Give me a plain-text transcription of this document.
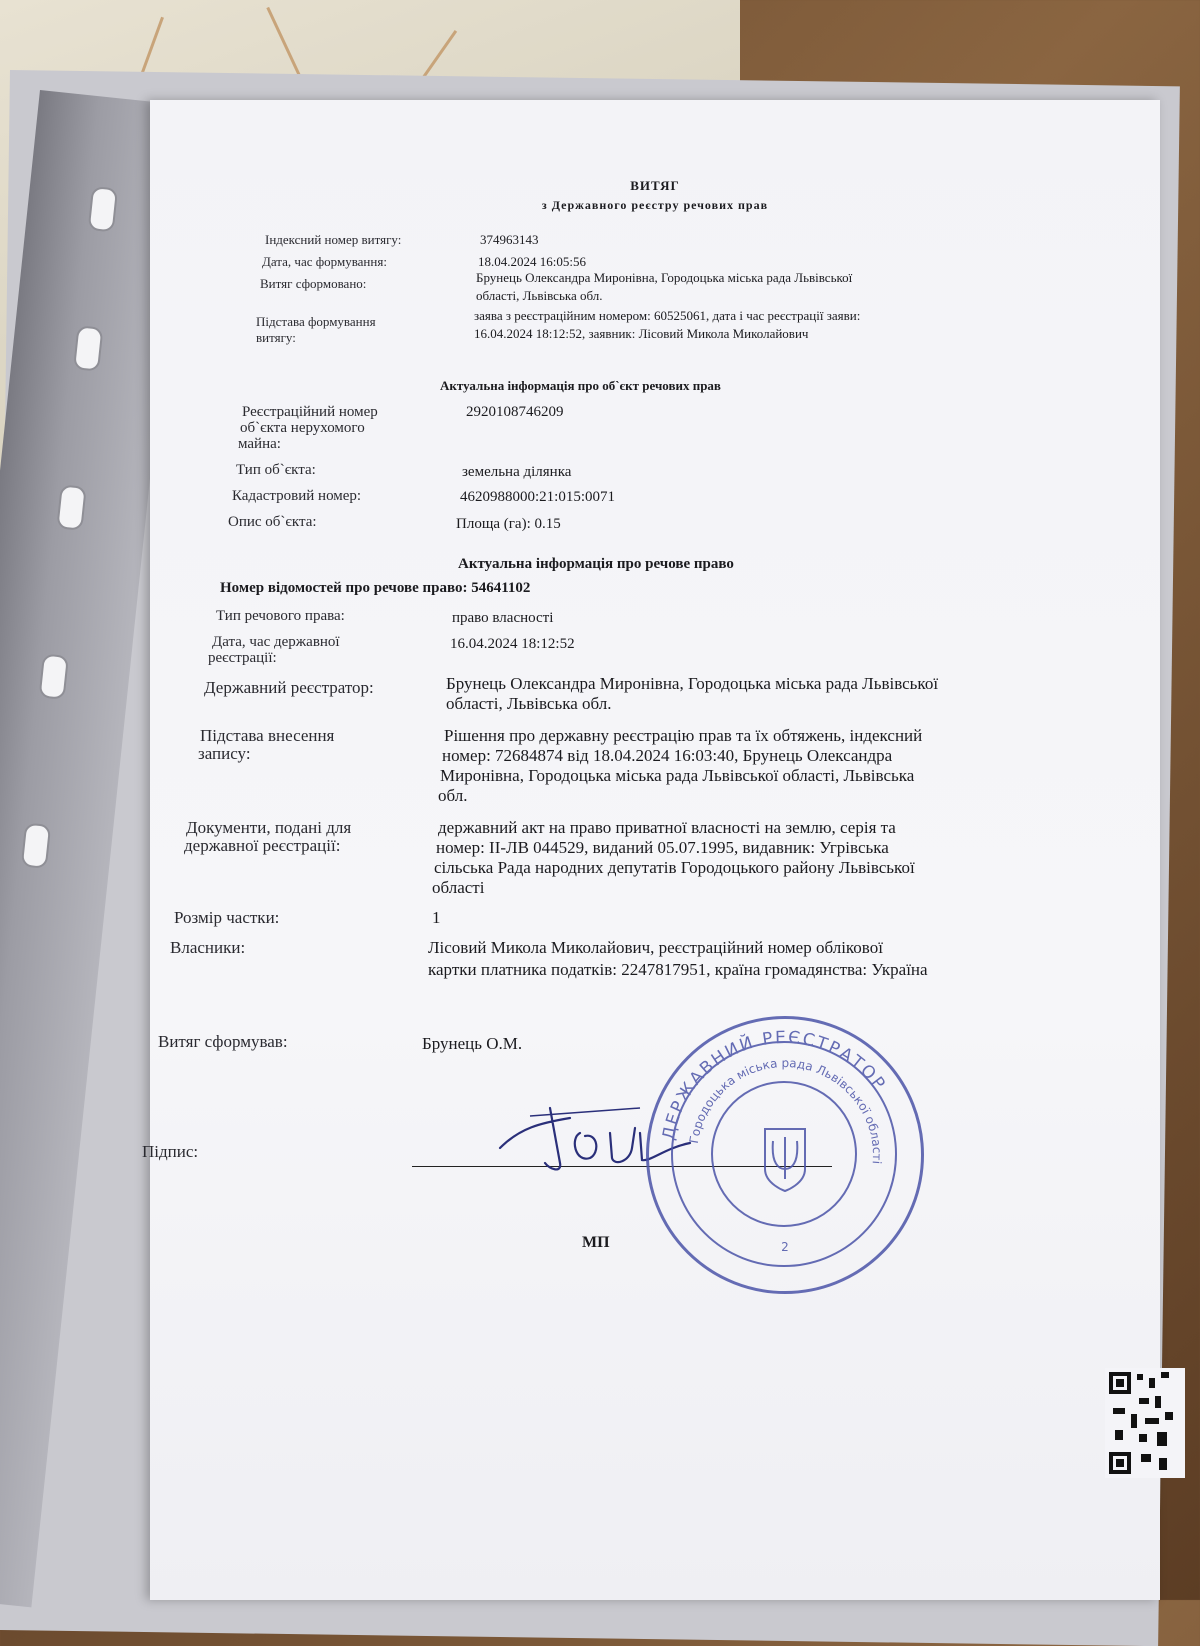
ВИТЯГ
з Державного реєстру речових прав
Індексний номер витягу:	374963143
Дата, час формування:	18.04.2024 16:05:56
Витяг сформовано:	Брунець Олександра Миронівна, Городоцька міська рада Львівської
області, Львівська обл.
Підстава формування
витягу:
заява з реєстраційним номером: 60525061, дата і час реєстрації заяви:
16.04.2024 18:12:52, заявник: Лісовий Микола Миколайович
Актуальна інформація про об`єкт речових прав
Реєстраційний номер
об`єкта нерухомого
майна:
2920108746209
Тип об`єкта:	земельна ділянка
Кадастровий номер:	4620988000:21:015:0071
Опис об`єкта:	Площа (га): 0.15
Актуальна інформація про речове право
Номер відомостей про речове право: 54641102
Тип речового права:	право власності
Дата, час державної
реєстрації:
16.04.2024 18:12:52
Державний реєстратор:	Брунець Олександра Миронівна, Городоцька міська рада Львівської
області, Львівська обл.
Підстава внесення
запису:
Рішення про державну реєстрацію прав та їх обтяжень, індексний
номер: 72684874 від 18.04.2024 16:03:40, Брунець Олександра
Миронівна, Городоцька міська рада Львівської області, Львівська
обл.
Документи, подані для
державної реєстрації:
державний акт на право приватної власності на землю, серія та
номер: ІІ-ЛВ 044529, виданий 05.07.1995, видавник: Угрівська
сільська Рада народних депутатів Городоцького району Львівської
області
Розмір частки:	1
Власники:	Лісовий Микола Миколайович, реєстраційний номер облікової
картки платника податків: 2247817951, країна громадянства: Україна
Витяг сформував:	Брунець О.М.
Підпис:
МП
ДЕРЖАВНИЙ РЕЄСТРАТОР
Городоцька міська рада Львівської області
2
